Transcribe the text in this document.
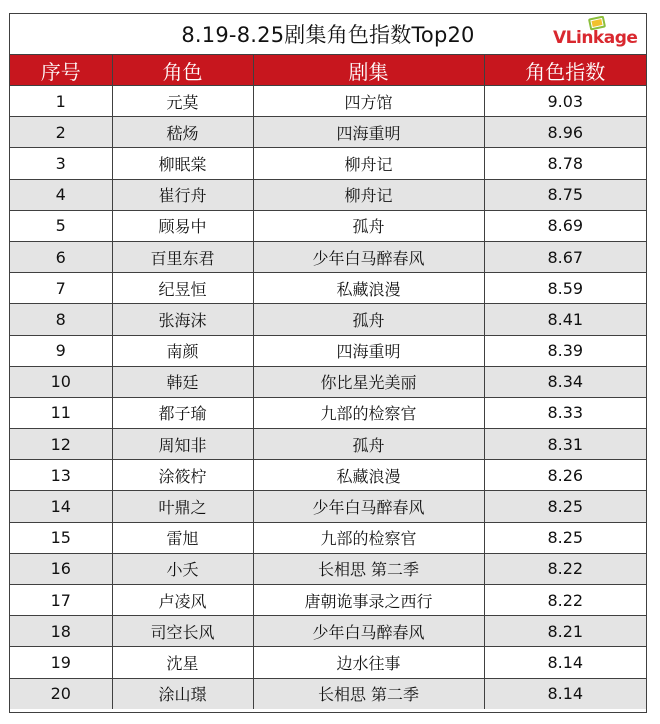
8.19-8.25剧集角色指数Top20	VLinkage
序号	角色	剧集	角色指数
1	元莫	四方馆	9.03
2	嵇炀	四海重明	8.96
3	柳眠棠	柳舟记	8.78
4	崔行舟	柳舟记	8.75
5	顾易中	孤舟	8.69
6	百里东君	少年白马醉春风	8.67
7	纪昱恒	私藏浪漫	8.59
8	张海沫	孤舟	8.41
9	南颜	四海重明	8.39
10	韩廷	你比星光美丽	8.34
11	都子瑜	九部的检察官	8.33
12	周知非	孤舟	8.31
13	涂筱柠	私藏浪漫	8.26
14	叶鼎之	少年白马醉春风	8.25
15	雷旭	九部的检察官	8.25
16	小夭	长相思 第二季	8.22
17	卢凌风	唐朝诡事录之西行	8.22
18	司空长风	少年白马醉春风	8.21
19	沈星	边水往事	8.14
20	涂山璟	长相思 第二季	8.14
